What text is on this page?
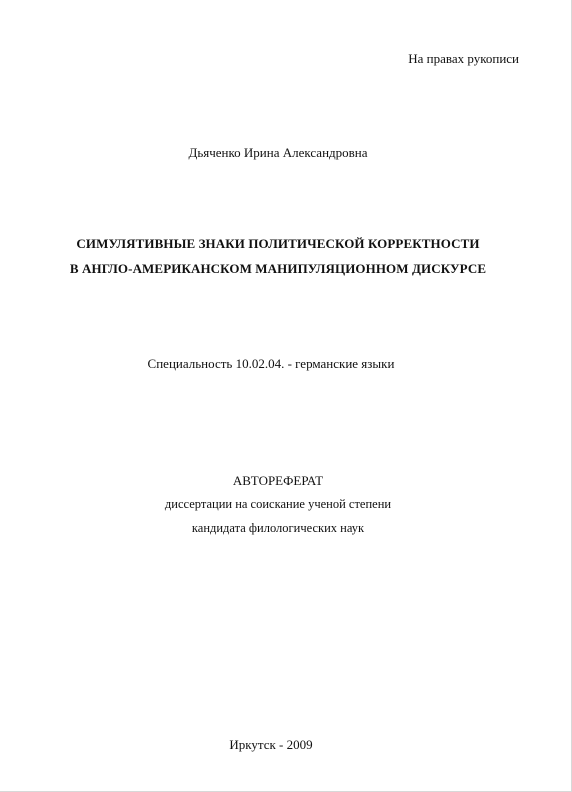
На правах рукописи
Дьяченко Ирина Александровна
СИМУЛЯТИВНЫЕ ЗНАКИ ПОЛИТИЧЕСКОЙ КОРРЕКТНОСТИ
В АНГЛО-АМЕРИКАНСКОМ МАНИПУЛЯЦИОННОМ ДИСКУРСЕ
Специальность 10.02.04. - германские языки
АВТОРЕФЕРАТ
диссертации на соискание ученой степени
кандидата филологических наук
Иркутск - 2009
